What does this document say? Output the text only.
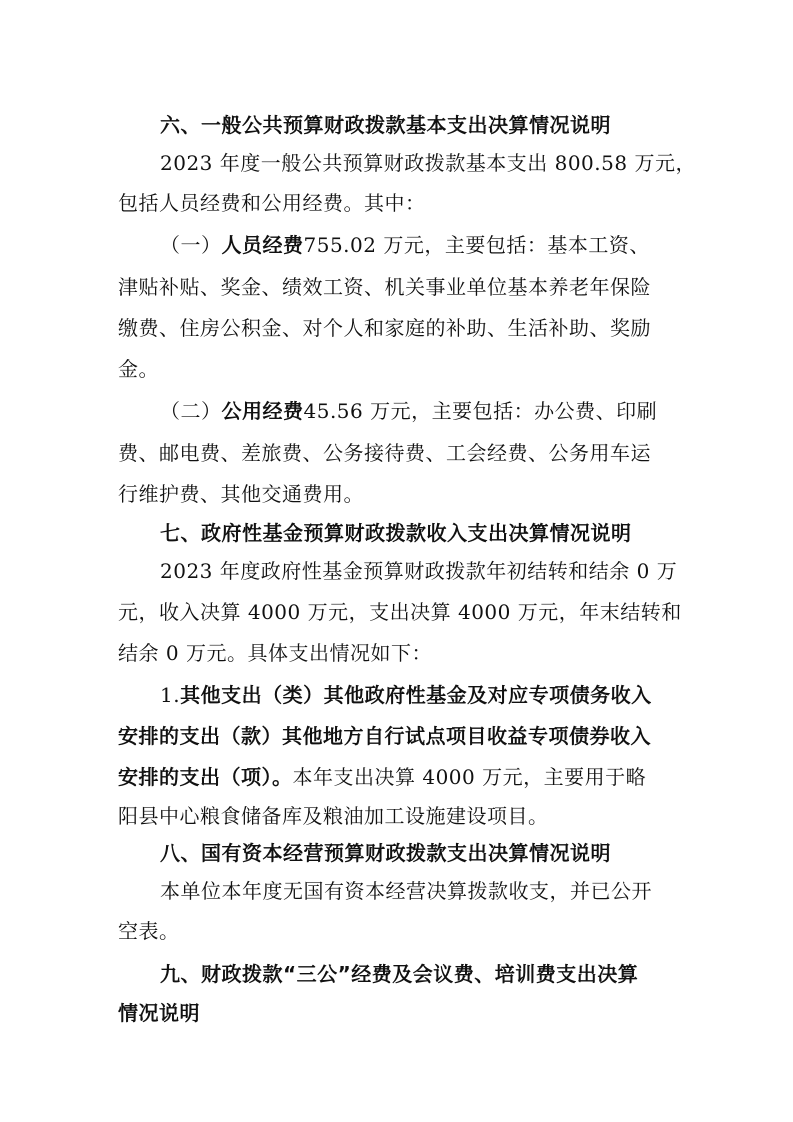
六、一般公共预算财政拨款基本支出决算情况说明
2023 年度一般公共预算财政拨款基本支出 800.58 万元，
包括人员经费和公用经费。其中：
（一）人员经费755.02 万元，主要包括：基本工资、
津贴补贴、奖金、绩效工资、机关事业单位基本养老年保险
缴费、住房公积金、对个人和家庭的补助、生活补助、奖励
金。
（二）公用经费45.56 万元，主要包括：办公费、印刷
费、邮电费、差旅费、公务接待费、工会经费、公务用车运
行维护费、其他交通费用。
七、政府性基金预算财政拨款收入支出决算情况说明
2023 年度政府性基金预算财政拨款年初结转和结余 0 万
元，收入决算 4000 万元，支出决算 4000 万元，年末结转和
结余 0 万元。具体支出情况如下：
1.其他支出（类）其他政府性基金及对应专项债务收入
安排的支出（款）其他地方自行试点项目收益专项债券收入
安排的支出（项）。本年支出决算 4000 万元，主要用于略
阳县中心粮食储备库及粮油加工设施建设项目。
八、国有资本经营预算财政拨款支出决算情况说明
本单位本年度无国有资本经营决算拨款收支，并已公开
空表。
九、财政拨款“三公”经费及会议费、培训费支出决算
情况说明
